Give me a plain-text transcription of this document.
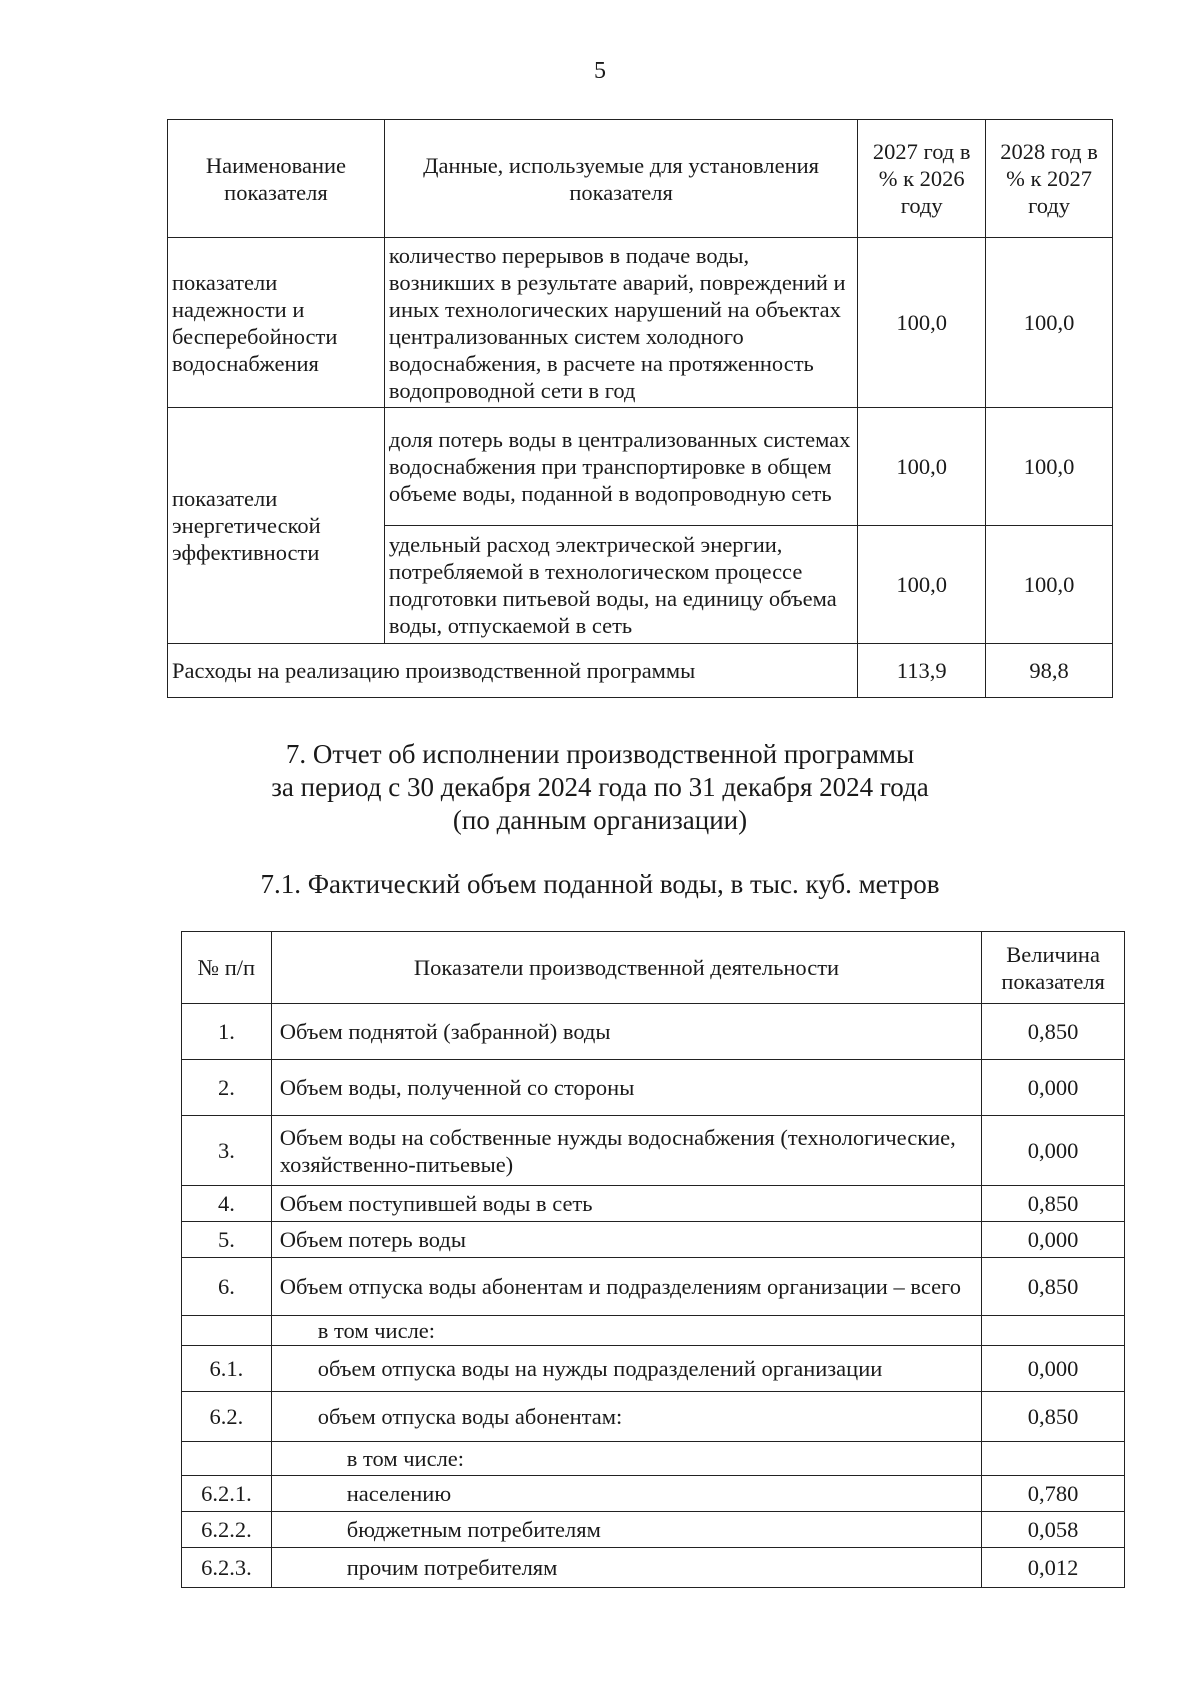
5
Наименование показателя	Данные, используемые для установления показателя	2027 год в % к 2026 году	2028 год в % к 2027 году
показатели надежности и бесперебойности водоснабжения	количество перерывов в подаче воды, возникших в результате аварий, повреждений и иных технологических нарушений на объектах централизованных систем холодного водоснабжения, в расчете на протяженность водопроводной сети в год	100,0	100,0
показатели энергетической эффективности	доля потерь воды в централизованных системах водоснабжения при транспортировке в общем объеме воды, поданной в водопроводную сеть	100,0	100,0
	удельный расход электрической энергии, потребляемой в технологическом процессе подготовки питьевой воды, на единицу объема воды, отпускаемой в сеть	100,0	100,0
Расходы на реализацию производственной программы		113,9	98,8
7. Отчет об исполнении производственной программы
за период с 30 декабря 2024 года по 31 декабря 2024 года
(по данным организации)
7.1. Фактический объем поданной воды, в тыс. куб. метров
№ п/п	Показатели производственной деятельности	Величина показателя
1.	Объем поднятой (забранной) воды	0,850
2.	Объем воды, полученной со стороны	0,000
3.	Объем воды на собственные нужды водоснабжения (технологические, хозяйственно-питьевые)	0,000
4.	Объем поступившей воды в сеть	0,850
5.	Объем потерь воды	0,000
6.	Объем отпуска воды абонентам и подразделениям организации – всего	0,850
	в том числе:	
6.1.	объем отпуска воды на нужды подразделений организации	0,000
6.2.	объем отпуска воды абонентам:	0,850
	в том числе:	
6.2.1.	населению	0,780
6.2.2.	бюджетным потребителям	0,058
6.2.3.	прочим потребителям	0,012
